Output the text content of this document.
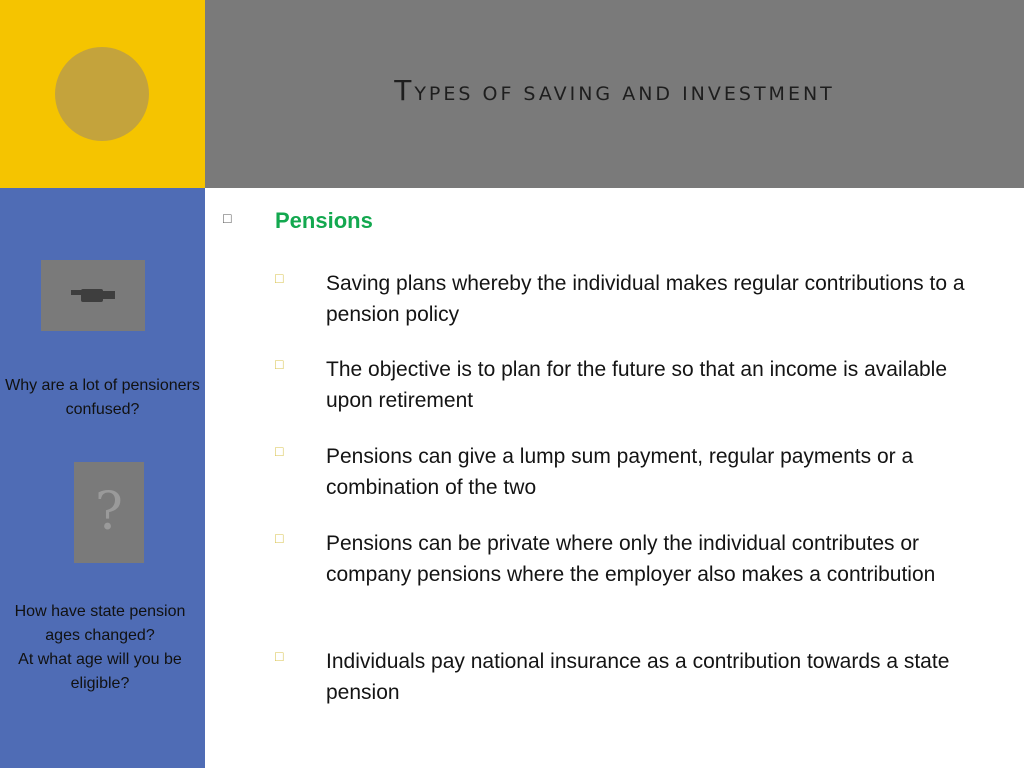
TYPES OF SAVING AND INVESTMENT
Why are a lot of pensioners confused?
?
How have state pension ages changed?
At what age will you be eligible?
□ Pensions
□ Saving plans whereby the individual makes regular contributions to a pension policy
□ The objective is to plan for the future so that an income is available upon retirement
□ Pensions can give a lump sum payment, regular payments or a combination of the two
□ Pensions can be private where only the individual contributes or company pensions where the employer also makes a contribution
□ Individuals pay national insurance as a contribution towards a state pension
